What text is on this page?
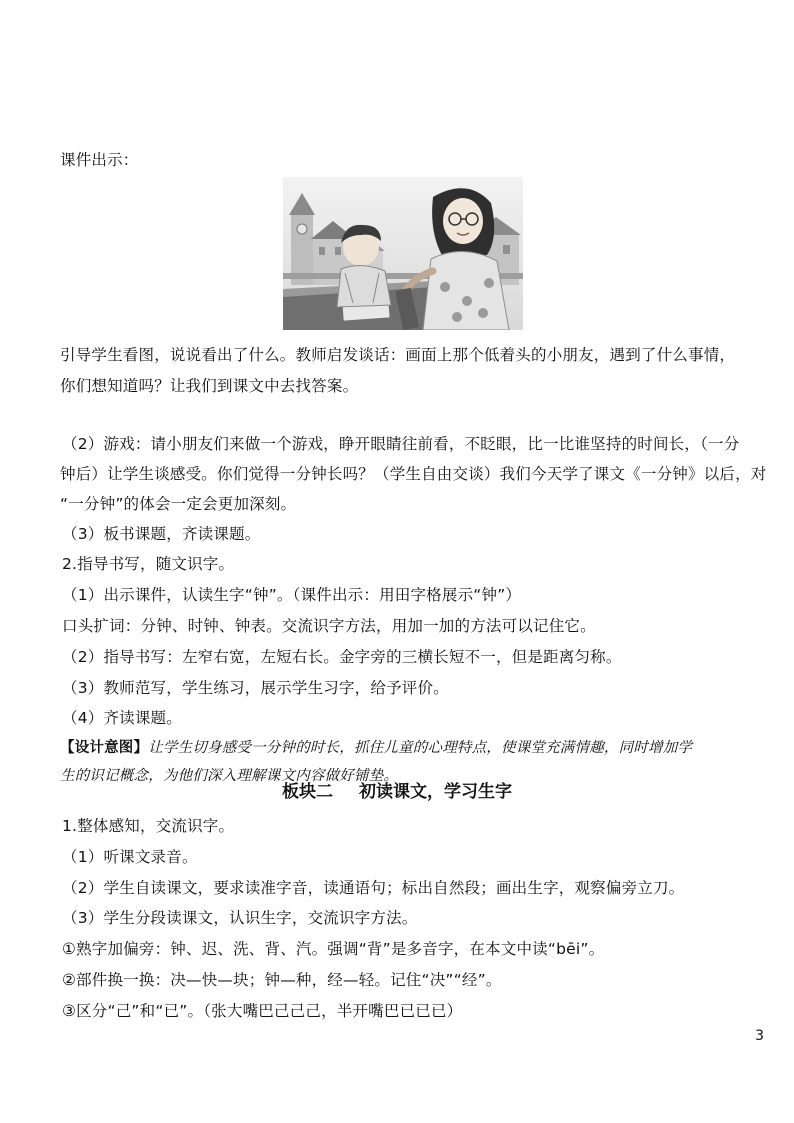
课件出示：
引导学生看图，说说看出了什么。教师启发谈话：画面上那个低着头的小朋友，遇到了什么事情，
你们想知道吗？让我们到课文中去找答案。
（2）游戏：请小朋友们来做一个游戏，睁开眼睛往前看，不眨眼，比一比谁坚持的时间长，（一分
钟后）让学生谈感受。你们觉得一分钟长吗？（学生自由交谈）我们今天学了课文《一分钟》以后，对
“一分钟”的体会一定会更加深刻。
（3）板书课题，齐读课题。
2.指导书写，随文识字。
（1）出示课件，认读生字“钟”。（课件出示：用田字格展示“钟”）
口头扩词：分钟、时钟、钟表。交流识字方法，用加一加的方法可以记住它。
（2）指导书写：左窄右宽，左短右长。金字旁的三横长短不一，但是距离匀称。
（3）教师范写，学生练习，展示学生习字，给予评价。
（4）齐读课题。
【设计意图】让学生切身感受一分钟的时长，抓住儿童的心理特点，使课堂充满情趣，同时增加学
生的识记概念，为他们深入理解课文内容做好铺垫。
板块二 初读课文，学习生字
1.整体感知，交流识字。
（1）听课文录音。
（2）学生自读课文，要求读准字音，读通语句；标出自然段；画出生字，观察偏旁立刀。
（3）学生分段读课文，认识生字，交流识字方法。
①熟字加偏旁：钟、迟、洗、背、汽。强调“背”是多音字，在本文中读“bēi”。
②部件换一换：决—快—块；钟—种，经—轻。记住“决”“经”。
③区分“己”和“已”。（张大嘴巴己己己，半开嘴巴已已已）
3
